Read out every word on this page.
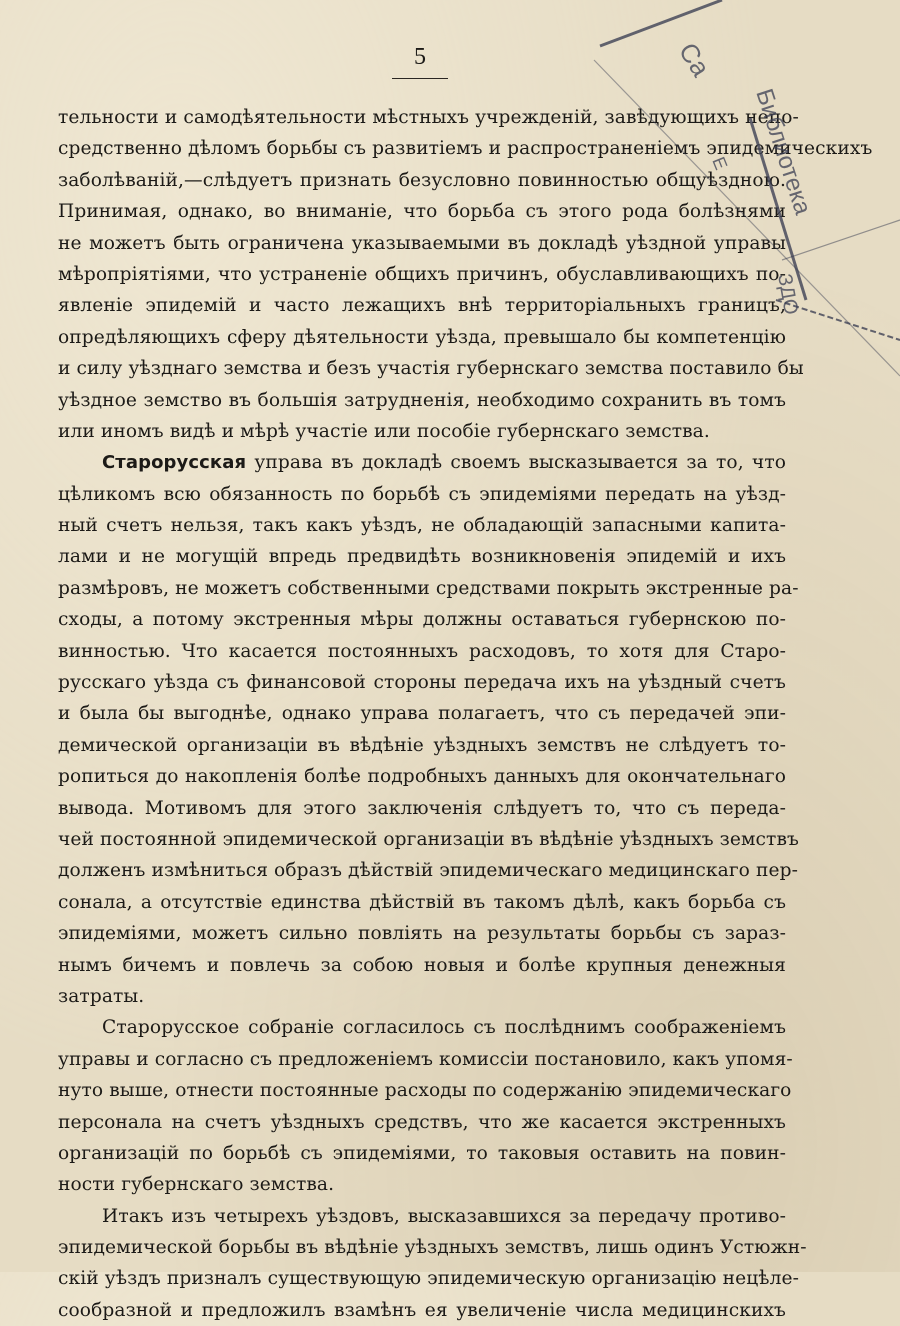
5
тельности и самодѣятельности мѣстныхъ учрежденій, завѣдующихъ непо-
средственно дѣломъ борьбы съ развитіемъ и распространеніемъ эпидемическихъ
заболѣваній,—слѣдуетъ признать безусловно повинностью общуѣздною.
Принимая, однако, во вниманіе, что борьба съ этого рода болѣзнями
не можетъ быть ограничена указываемыми въ докладѣ уѣздной управы
мѣропріятіями, что устраненіе общихъ причинъ, обуславливающихъ по-
явленіе эпидемій и часто лежащихъ внѣ территоріальныхъ границъ,
опредѣляющихъ сферу дѣятельности уѣзда, превышало бы компетенцію
и силу уѣзднаго земства и безъ участія губернскаго земства поставило бы
уѣздное земство въ большія затрудненія, необходимо сохранить въ томъ
или иномъ видѣ и мѣрѣ участіе или пособіе губернскаго земства.
Старорусская управа въ докладѣ своемъ высказывается за то, что
цѣликомъ всю обязанность по борьбѣ съ эпидеміями передать на уѣзд-
ный счетъ нельзя, такъ какъ уѣздъ, не обладающій запасными капита-
лами и не могущій впредь предвидѣть возникновенія эпидемій и ихъ
размѣровъ, не можетъ собственными средствами покрыть экстренные ра-
сходы, а потому экстренныя мѣры должны оставаться губернскою по-
винностью. Что касается постоянныхъ расходовъ, то хотя для Старо-
русскаго уѣзда съ финансовой стороны передача ихъ на уѣздный счетъ
и была бы выгоднѣе, однако управа полагаетъ, что съ передачей эпи-
демической организаціи въ вѣдѣніе уѣздныхъ земствъ не слѣдуетъ то-
ропиться до накопленія болѣе подробныхъ данныхъ для окончательнаго
вывода. Мотивомъ для этого заключенія слѣдуетъ то, что съ переда-
чей постоянной эпидемической организаціи въ вѣдѣніе уѣздныхъ земствъ
долженъ измѣниться образъ дѣйствій эпидемическаго медицинскаго пер-
сонала, а отсутствіе единства дѣйствій въ такомъ дѣлѣ, какъ борьба съ
эпидеміями, можетъ сильно повліять на результаты борьбы съ зараз-
нымъ бичемъ и повлечь за собою новыя и болѣе крупныя денежныя
затраты.
Старорусское собраніе согласилось съ послѣднимъ соображеніемъ
управы и согласно съ предложеніемъ комиссіи постановило, какъ упомя-
нуто выше, отнести постоянные расходы по содержанію эпидемическаго
персонала на счетъ уѣздныхъ средствъ, что же касается экстренныхъ
организацій по борьбѣ съ эпидеміями, то таковыя оставить на повин-
ности губернскаго земства.
Итакъ изъ четырехъ уѣздовъ, высказавшихся за передачу противо-
эпидемической борьбы въ вѣдѣніе уѣздныхъ земствъ, лишь одинъ Устюжн-
скій уѣздъ призналъ существующую эпидемическую организацію нецѣле-
сообразной и предложилъ взамѣнъ ея увеличеніе числа медицинскихъ
Са
Библиотека
Е
ЗДО
